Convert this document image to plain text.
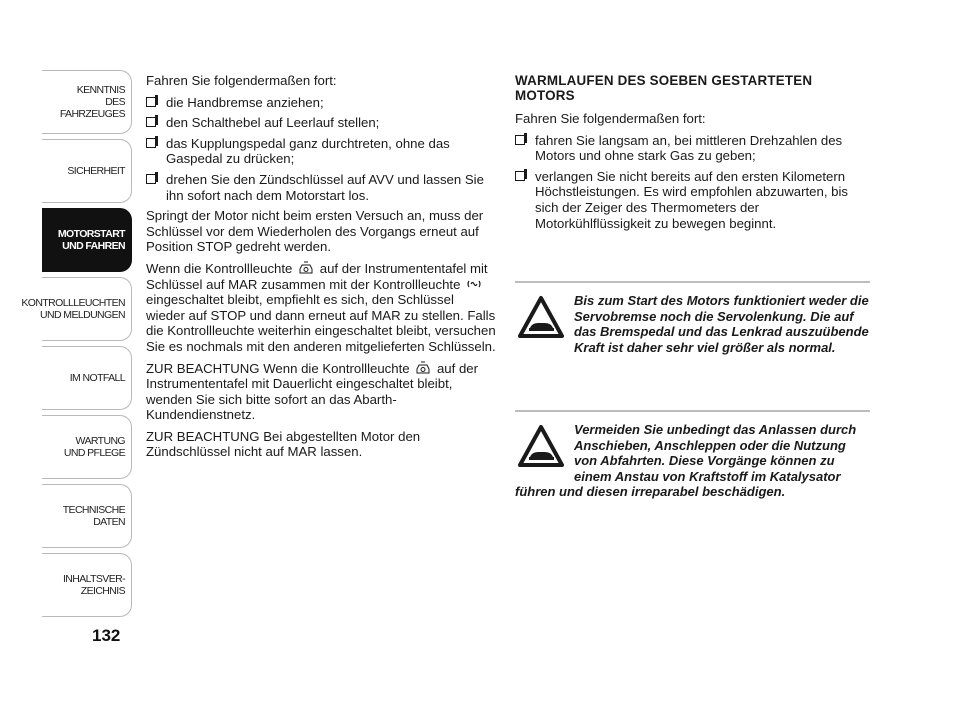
KENNTNIS
DES FAHRZEUGES
SICHERHEIT
MOTORSTART
UND FAHREN
KONTROLLLEUCHTEN
UND MELDUNGEN
IM NOTFALL
WARTUNG
UND PFLEGE
TECHNISCHE
DATEN
INHALTSVER-
ZEICHNIS
132

Fahren Sie folgendermaßen fort:

die Handbremse anziehen;
den Schalthebel auf Leerlauf stellen;
das Kupplungspedal ganz durchtreten, ohne das Gaspedal zu drücken;
drehen Sie den Zündschlüssel auf AVV und lassen Sie ihn sofort nach dem Motorstart los.

Springt der Motor nicht beim ersten Versuch an, muss der Schlüssel vor dem Wiederholen des Vorgangs erneut auf Position STOP gedreht werden.

Wenn die Kontrollleuchte auf der Instrumententafel mit Schlüssel auf MAR zusammen mit der Kontrollleuchte  eingeschaltet bleibt, empfiehlt es sich, den Schlüssel wieder auf STOP und dann erneut auf MAR zu stellen. Falls die Kontrollleuchte weiterhin eingeschaltet bleibt, versuchen Sie es nochmals mit den anderen mitgelieferten Schlüsseln.

ZUR BEACHTUNG Wenn die Kontrollleuchte auf der Instrumententafel mit Dauerlicht eingeschaltet bleibt, wenden Sie sich bitte sofort an das Abarth-Kundendienstnetz.

ZUR BEACHTUNG Bei abgestellten Motor den Zündschlüssel nicht auf MAR lassen.

WARMLAUFEN DES SOEBEN GESTARTETEN MOTORS

Fahren Sie folgendermaßen fort:

fahren Sie langsam an, bei mittleren Drehzahlen des Motors und ohne stark Gas zu geben;
verlangen Sie nicht bereits auf den ersten Kilometern Höchstleistungen. Es wird empfohlen abzuwarten, bis sich der Zeiger des Thermometers der Motorkühlflüssigkeit zu bewegen beginnt.
Bis zum Start des Motors funktioniert weder die Servobremse noch die Servolenkung. Die auf das Bremspedal und das Lenkrad auszuübende Kraft ist daher sehr viel größer als normal.
Vermeiden Sie unbedingt das Anlassen durch Anschieben, Anschleppen oder die Nutzung von Abfahrten. Diese Vorgänge können zu einem Anstau von Kraftstoff im Katalysator führen und diesen irreparabel beschädigen.
